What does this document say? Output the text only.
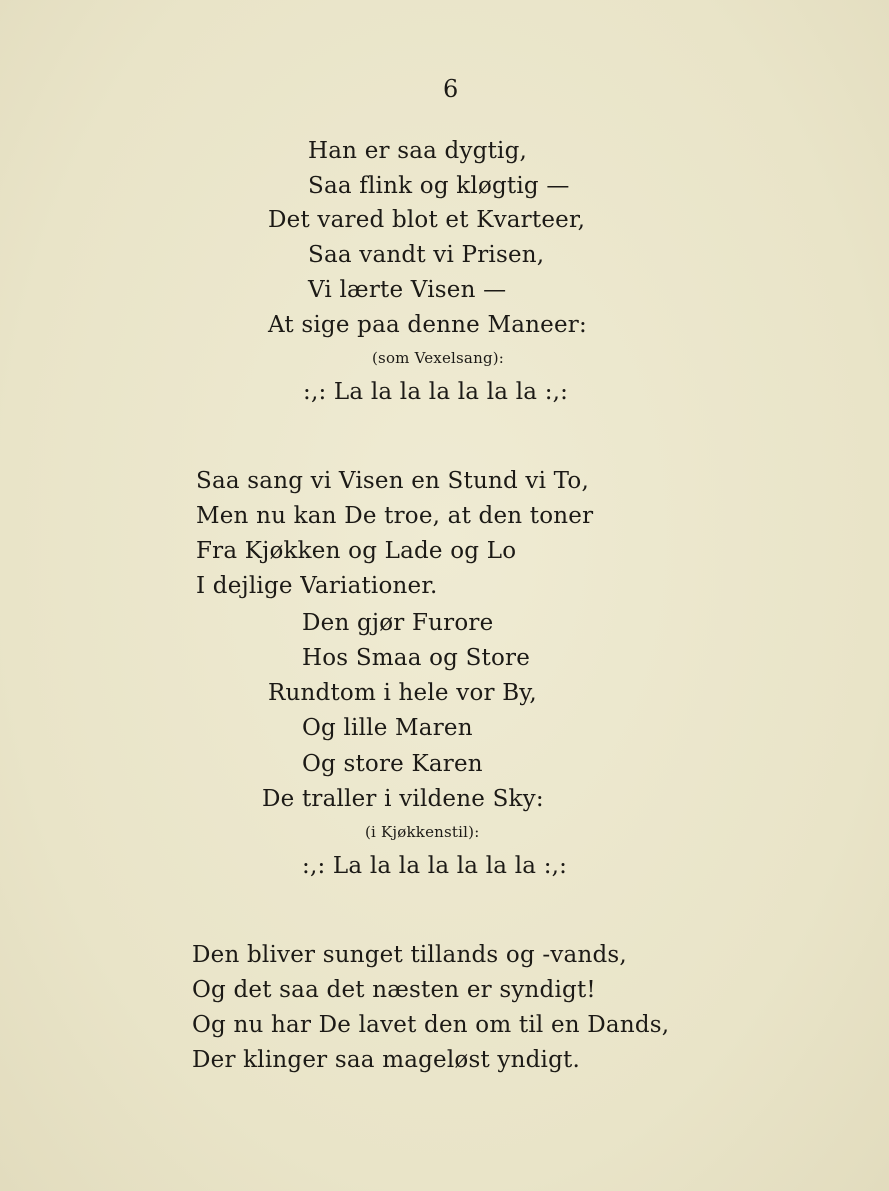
6
Han er saa dygtig,
Saa flink og kløgtig —
Det vared blot et Kvarteer,
Saa vandt vi Prisen,
Vi lærte Visen —
At sige paa denne Maneer:
(som Vexelsang):
:,: La la la la la la la :,:
Saa sang vi Visen en Stund vi To,
Men nu kan De troe, at den toner
Fra Kjøkken og Lade og Lo
I dejlige Variationer.
Den gjør Furore
Hos Smaa og Store
Rundtom i hele vor By,
Og lille Maren
Og store Karen
De traller i vildene Sky:
(i Kjøkkenstil):
:,: La la la la la la la :,:
Den bliver sunget tillands og -vands,
Og det saa det næsten er syndigt!
Og nu har De lavet den om til en Dands,
Der klinger saa mageløst yndigt.
